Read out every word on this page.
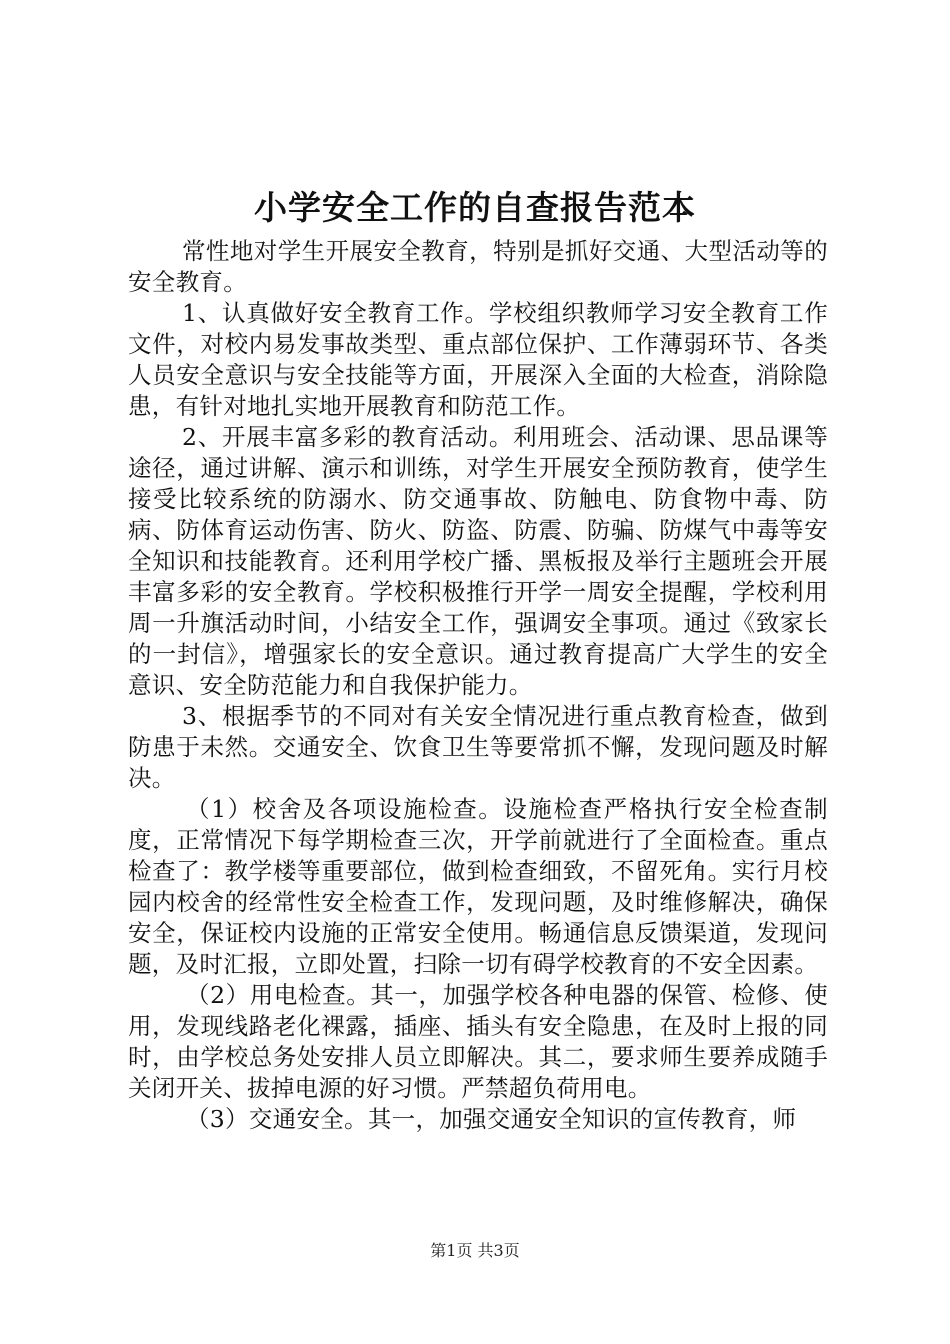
小学安全工作的自查报告范本

常性地对学生开展安全教育，特别是抓好交通、大型活动等的安全教育。

1、认真做好安全教育工作。学校组织教师学习安全教育工作文件，对校内易发事故类型、重点部位保护、工作薄弱环节、各类人员安全意识与安全技能等方面，开展深入全面的大检查，消除隐患，有针对地扎实地开展教育和防范工作。

2、开展丰富多彩的教育活动。利用班会、活动课、思品课等途径，通过讲解、演示和训练，对学生开展安全预防教育，使学生接受比较系统的防溺水、防交通事故、防触电、防食物中毒、防病、防体育运动伤害、防火、防盗、防震、防骗、防煤气中毒等安全知识和技能教育。还利用学校广播、黑板报及举行主题班会开展丰富多彩的安全教育。学校积极推行开学一周安全提醒，学校利用周一升旗活动时间，小结安全工作，强调安全事项。通过《致家长的一封信》，增强家长的安全意识。通过教育提高广大学生的安全意识、安全防范能力和自我保护能力。

3、根据季节的不同对有关安全情况进行重点教育检查，做到防患于未然。交通安全、饮食卫生等要常抓不懈，发现问题及时解决。

（1）校舍及各项设施检查。设施检查严格执行安全检查制度，正常情况下每学期检查三次，开学前就进行了全面检查。重点检查了：教学楼等重要部位，做到检查细致，不留死角。实行月校园内校舍的经常性安全检查工作，发现问题，及时维修解决，确保安全，保证校内设施的正常安全使用。畅通信息反馈渠道，发现问题，及时汇报，立即处置，扫除一切有碍学校教育的不安全因素。

（2）用电检查。其一，加强学校各种电器的保管、检修、使用，发现线路老化裸露，插座、插头有安全隐患，在及时上报的同时，由学校总务处安排人员立即解决。其二，要求师生要养成随手关闭开关、拔掉电源的好习惯。严禁超负荷用电。

（3）交通安全。其一，加强交通安全知识的宣传教育，师

第1页 共3页
